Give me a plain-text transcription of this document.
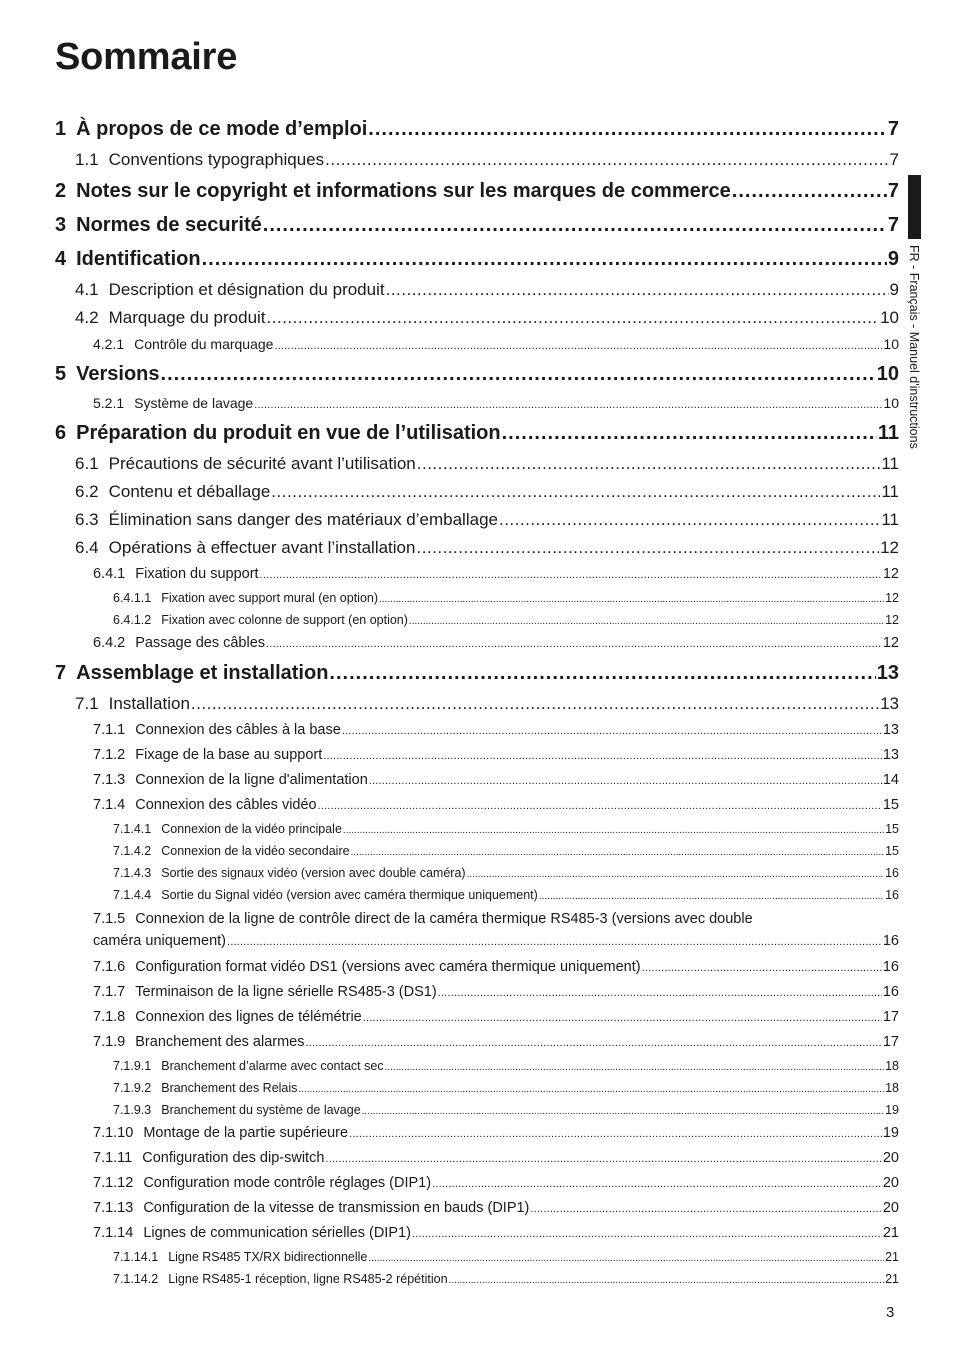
Sommaire
1 À propos de ce mode d’emploi .....	7
1.1 Conventions typographiques .....	7
2 Notes sur le copyright et informations sur les marques de commerce .....	7
3 Normes de securité .....	7
4 Identification .....	9
4.1 Description et désignation du produit .....	9
4.2 Marquage du produit .....	10
4.2.1 Contrôle du marquage .....	10
5 Versions .....	10
5.2.1 Système de lavage .....	10
6 Préparation du produit en vue de l’utilisation .....	11
6.1 Précautions de sécurité avant l’utilisation .....	11
6.2 Contenu et déballage .....	11
6.3 Élimination sans danger des matériaux d’emballage .....	11
6.4 Opérations à effectuer avant l’installation .....	12
6.4.1 Fixation du support .....	12
6.4.1.1 Fixation avec support mural (en option) .....	12
6.4.1.2 Fixation avec colonne de support (en option) .....	12
6.4.2 Passage des câbles .....	12
7 Assemblage et installation .....	13
7.1 Installation .....	13
7.1.1 Connexion des câbles à la base .....	13
7.1.2 Fixage de la base au support .....	13
7.1.3 Connexion de la ligne d'alimentation .....	14
7.1.4 Connexion des câbles vidéo .....	15
7.1.4.1 Connexion de la vidéo principale .....	15
7.1.4.2 Connexion de la vidéo secondaire .....	15
7.1.4.3 Sortie des signaux vidéo (version avec double caméra) .....	16
7.1.4.4 Sortie du Signal vidéo (version avec caméra thermique uniquement) .....	16
7.1.5 Connexion de la ligne de contrôle direct de la caméra thermique RS485-3 (versions avec double
caméra uniquement) .....	16
7.1.6 Configuration format vidéo DS1 (versions avec caméra thermique uniquement) .....	16
7.1.7 Terminaison de la ligne sérielle RS485-3 (DS1) .....	16
7.1.8 Connexion des lignes de télémétrie .....	17
7.1.9 Branchement des alarmes .....	17
7.1.9.1 Branchement d’alarme avec contact sec .....	18
7.1.9.2 Branchement des Relais .....	18
7.1.9.3 Branchement du système de lavage .....	19
7.1.10 Montage de la partie supérieure .....	19
7.1.11 Configuration des dip-switch .....	20
7.1.12 Configuration mode contrôle réglages (DIP1) .....	20
7.1.13 Configuration de la vitesse de transmission en bauds (DIP1) .....	20
7.1.14 Lignes de communication sérielles (DIP1) .....	21
7.1.14.1 Ligne RS485 TX/RX bidirectionnelle .....	21
7.1.14.2 Ligne RS485-1 réception, ligne RS485-2 répétition .....	21
FR - Français - Manuel d'instructions
3
